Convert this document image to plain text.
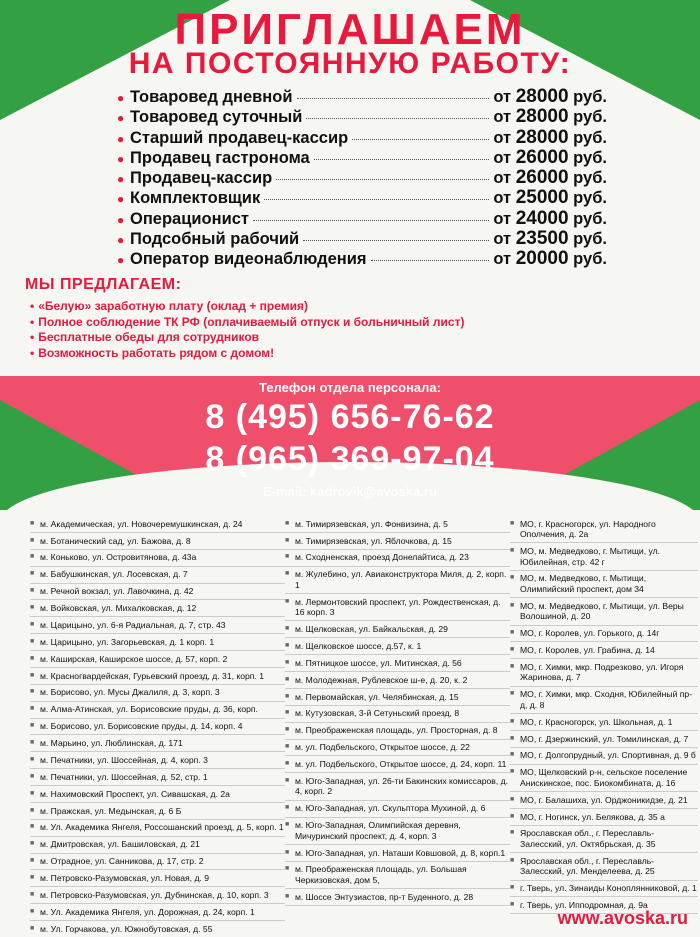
ПРИГЛАШАЕМ
НА ПОСТОЯННУЮ РАБОТУ:
● Товаровед дневной	от 28000 руб.
● Товаровед суточный	от 28000 руб.
● Старший продавец-кассир	от 28000 руб.
● Продавец гастронома	от 26000 руб.
● Продавец-кассир	от 26000 руб.
● Комплектовщик	от 25000 руб.
● Операционист	от 24000 руб.
● Подсобный рабочий	от 23500 руб.
● Оператор видеонаблюдения	от 20000 руб.
МЫ ПРЕДЛАГАЕМ:
• «Белую» заработную плату (оклад + премия)
• Полное соблюдение ТК РФ (оплачиваемый отпуск и больничный лист)
• Бесплатные обеды для сотрудников
• Возможность работать рядом с домом!
Телефон отдела персонала:
8 (495) 656-76-62
8 (965) 369-97-04
E-mail: kadrovik@avoska.ru
■ м. Академическая, ул. Новочеремушкинская, д. 24
■ м. Ботанический сад, ул. Бажова, д. 8
■ м. Коньково, ул. Островитянова, д. 43а
■ м. Бабушкинская, ул. Лосевская, д. 7
■ м. Речной вокзал, ул. Лавочкина, д. 42
■ м. Войковская, ул. Михалковская, д. 12
■ м. Царицыно, ул. 6-я Радиальная, д. 7, стр. 43
■ м. Царицыно, ул. Загорьевская, д. 1 корп. 1
■ м. Каширская, Каширское шоссе, д. 57, корп. 2
■ м. Красногвардейская, Гурьевский проезд, д. 31, корп. 1
■ м. Борисово, ул. Мусы Джалиля, д. 3, корп. 3
■ м. Алма-Атинская, ул. Борисовские пруды, д. 36, корп.
■ м. Борисово, ул. Борисовские пруды, д. 14, корп. 4
■ м. Марьино, ул. Люблинская, д. 171
■ м. Печатники, ул. Шоссейная, д. 4, корп. 3
■ м. Печатники, ул. Шоссейная, д. 52, стр. 1
■ м. Нахимовский Проспект, ул. Сивашская, д. 2а
■ м. Пражская, ул. Медынская, д. 6 Б
■ м. Ул. Академика Янгеля, Россошанский проезд, д. 5, корп. 1
■ м. Дмитровская, ул. Башиловская, д. 21
■ м. Отрадное, ул. Санникова, д. 17, стр. 2
■ м. Петровско-Разумовская, ул. Новая, д. 9
■ м. Петровско-Разумовская, ул. Дубнинская, д. 10, корп. 3
■ м. Ул. Академика Янгеля, ул. Дорожная, д. 24, корп. 1
■ м. Ул. Горчакова, ул. Южнобутовская, д. 55
■ м. Тимирязевская, ул. Фонвизина, д. 5
■ м. Тимирязевская, ул. Яблочкова, д. 15
■ м. Сходненская, проезд Донелайтиса, д. 23
■ м. Жулебино, ул. Авиаконструктора Миля, д. 2, корп. 1
■ м. Лермонтовский проспект, ул. Рождественская, д. 16 корп. 3
■ м. Щелковская, ул. Байкальская, д. 29
■ м. Щелковское шоссе, д.57, к. 1
■ м. Пятницкое шоссе, ул. Митинская, д. 56
■ м. Молодежная, Рублевское ш-е, д. 20, к. 2
■ м. Первомайская, ул. Челябинская, д. 15
■ м. Кутузовская, 3-й Сетуньский проезд, 8
■ м. Преображенская площадь, ул. Просторная, д. 8
■ м. ул. Подбельского, Открытое шоссе, д. 22
■ м. ул. Подбельского, Открытое шоссе, д. 24, корп. 11
■ м. Юго-Западная, ул. 26-ти Бакинских комиссаров, д. 4, корп. 2
■ м. Юго-Западная, ул. Скульптора Мухиной, д. 6
■ м. Юго-Западная, Олимпийская деревня, Мичуринский проспект, д. 4, корп. 3
■ м. Юго-Западная, ул. Наташи Ковшовой, д. 8, корп.1
■ м. Преображенская площадь, ул. Большая Черкизовская, дом 5,
■ м. Шоссе Энтузиастов, пр-т Буденного, д. 28
■ МО, г. Красногорск, ул. Народного Ополчения, д. 2а
■ МО, м. Медведково, г. Мытищи, ул. Юбилейная, стр. 42 г
■ МО, м. Медведково, г. Мытищи, Олимпийский проспект, дом 34
■ МО, м. Медведково, г. Мытищи, ул. Веры Волошиной, д. 20
■ МО, г. Королев, ул. Горького, д. 14г
■ МО, г. Королев, ул. Грабина, д. 14
■ МО, г. Химки, мкр. Подрезково, ул. Игоря Жаринова, д. 7
■ МО, г. Химки, мкр. Сходня, Юбилейный пр-д, д. 8
■ МО, г. Красногорск, ул. Школьная, д. 1
■ МО, г. Дзержинский, ул. Томилинская, д. 7
■ МО, г. Долгопрудный, ул. Спортивная, д. 9 б
■ МО, Щелковский р-н, сельское поселение Анискинское, пос. Биокомбината, д. 16
■ МО, г. Балашиха, ул. Орджоникидзе, д. 21
■ МО, г. Ногинск, ул. Белякова, д. 35 а
■ Ярославская обл., г. Переславль-Залесский, ул. Октябрьская, д. 35
■ Ярославская обл., г. Переславль-Залесский, ул. Менделеева, д. 25
■ г. Тверь, ул. Зинаиды Коноплянниковой, д. 1
■ г. Тверь, ул. Ипподромная, д. 9а
www.avoska.ru
